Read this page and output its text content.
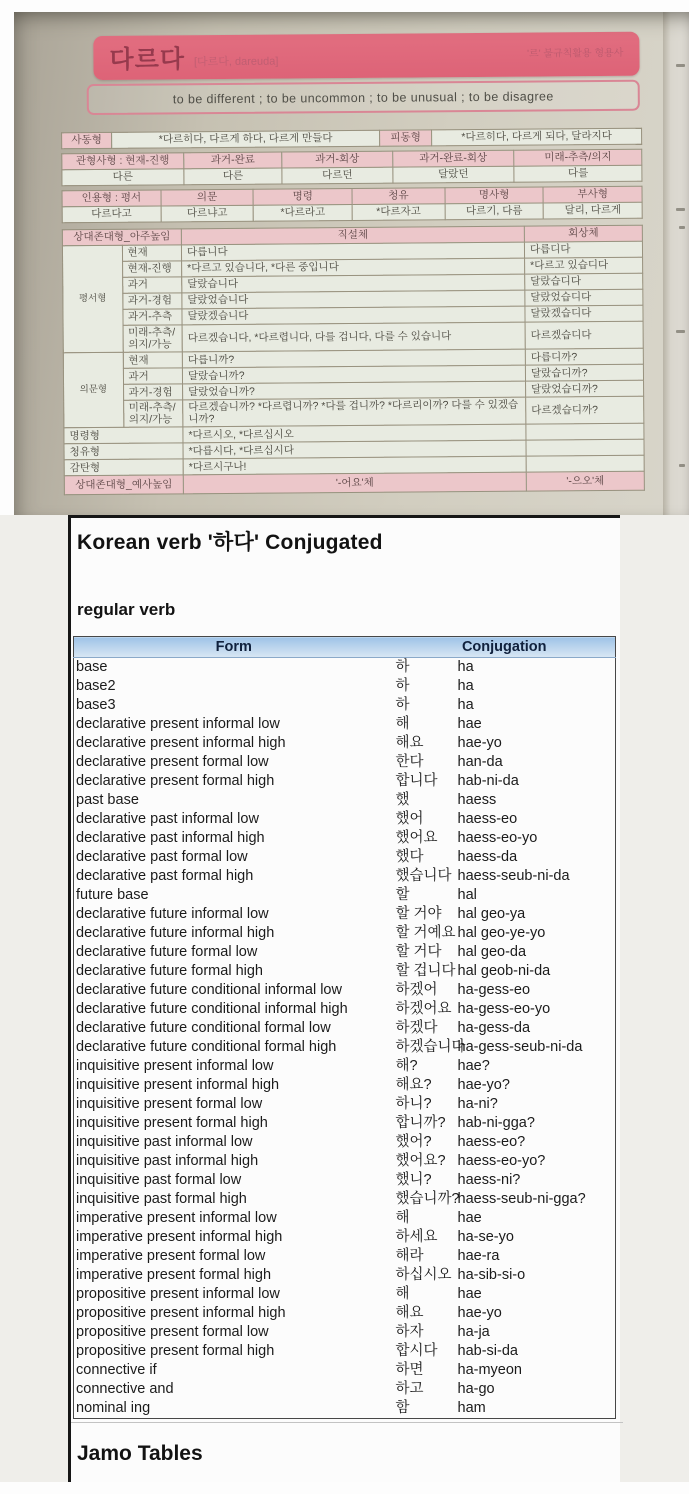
다르다 [다르다, dareuda]
'르' 불규칙활용 형용사
to be different ; to be uncommon ; to be unusual ; to be disagree
사동형	*다르히다, 다르게 하다, 다르게 만들다	피동형	*다르히다, 다르게 되다, 달라지다
관형사형 : 현재-진행	과거-완료	과거-회상	과거-완료-회상	미래-추측/의지
다른	다른	다르던	달랐던	다를
인용형 : 평서	의문	명령	청유	명사형	부사형
다르다고	다르냐고	*다르라고	*다르자고	다르기, 다름	달리, 다르게
상대존대형_아주높임		직설체	회상체
평서형	현재	다릅니다	다릅디다
	현재-진행	*다르고 있습니다, *다른 중입니다	*다르고 있습디다
	과거	달랐습니다	달랐습디다
	과거-경험	달랐었습니다	달랐었습디다
	과거-추측	달랐겠습니다	달랐겠습디다
	미래-추측/의지/가능	다르겠습니다, *다르렵니다, 다를 겁니다, 다를 수 있습니다	다르겠습디다
의문형	현재	다릅니까?	다릅디까?
	과거	달랐습니까?	달랐습디까?
	과거-경험	달랐었습니까?	달랐었습디까?
	미래-추측/의지/가능	다르겠습니까? *다르렵니까? *다를 겁니까? *다르리이까? 다를 수 있겠습니까?	다르겠습디까?
명령형		*다르시오, *다르십시오	
청유형		*다릅시다, *다르십시다	
감탄형		*다르시구나!	
상대존대형_예사높임		'-어요'체	'-으오'체
Korean verb '하다' Conjugated
regular verb
Form	Conjugation	
base	하	ha
base2	하	ha
base3	하	ha
declarative present informal low	해	hae
declarative present informal high	해요	hae-yo
declarative present formal low	한다	han-da
declarative present formal high	합니다	hab-ni-da
past base	했	haess
declarative past informal low	했어	haess-eo
declarative past informal high	했어요	haess-eo-yo
declarative past formal low	했다	haess-da
declarative past formal high	했습니다	haess-seub-ni-da
future base	할	hal
declarative future informal low	할 거야	hal geo-ya
declarative future informal high	할 거예요	hal geo-ye-yo
declarative future formal low	할 거다	hal geo-da
declarative future formal high	할 겁니다	hal geob-ni-da
declarative future conditional informal low	하겠어	ha-gess-eo
declarative future conditional informal high	하겠어요	ha-gess-eo-yo
declarative future conditional formal low	하겠다	ha-gess-da
declarative future conditional formal high	하겠습니다	ha-gess-seub-ni-da
inquisitive present informal low	해?	hae?
inquisitive present informal high	해요?	hae-yo?
inquisitive present formal low	하니?	ha-ni?
inquisitive present formal high	합니까?	hab-ni-gga?
inquisitive past informal low	했어?	haess-eo?
inquisitive past informal high	했어요?	haess-eo-yo?
inquisitive past formal low	했니?	haess-ni?
inquisitive past formal high	했습니까?	haess-seub-ni-gga?
imperative present informal low	해	hae
imperative present informal high	하세요	ha-se-yo
imperative present formal low	해라	hae-ra
imperative present formal high	하십시오	ha-sib-si-o
propositive present informal low	해	hae
propositive present informal high	해요	hae-yo
propositive present formal low	하자	ha-ja
propositive present formal high	합시다	hab-si-da
connective if	하면	ha-myeon
connective and	하고	ha-go
nominal ing	함	ham
Jamo Tables
